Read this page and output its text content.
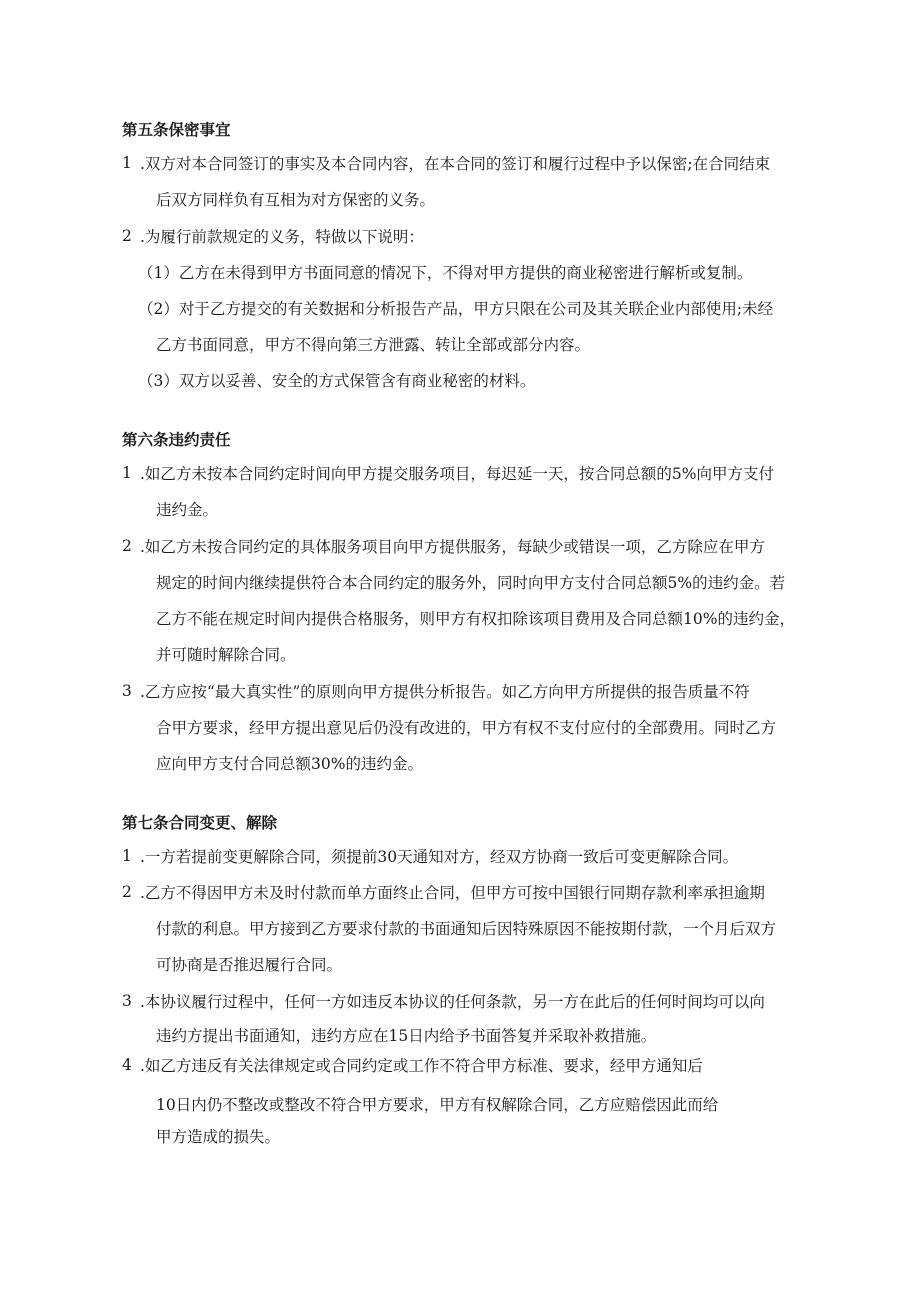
第五条保密事宜
1 .双方对本合同签订的事实及本合同内容，在本合同的签订和履行过程中予以保密;在合同结束
后双方同样负有互相为对方保密的义务。
2 .为履行前款规定的义务，特做以下说明：
（1）乙方在未得到甲方书面同意的情况下，不得对甲方提供的商业秘密进行解析或复制。
（2）对于乙方提交的有关数据和分析报告产品，甲方只限在公司及其关联企业内部使用;未经
乙方书面同意，甲方不得向第三方泄露、转让全部或部分内容。
（3）双方以妥善、安全的方式保管含有商业秘密的材料。
第六条违约责任
1 .如乙方未按本合同约定时间向甲方提交服务项目，每迟延一天，按合同总额的5%向甲方支付
违约金。
2 .如乙方未按合同约定的具体服务项目向甲方提供服务，每缺少或错误一项，乙方除应在甲方
规定的时间内继续提供符合本合同约定的服务外，同时向甲方支付合同总额5%的违约金。若
乙方不能在规定时间内提供合格服务，则甲方有权扣除该项目费用及合同总额10%的违约金，
并可随时解除合同。
3 .乙方应按“最大真实性”的原则向甲方提供分析报告。如乙方向甲方所提供的报告质量不符
合甲方要求，经甲方提出意见后仍没有改进的，甲方有权不支付应付的全部费用。同时乙方
应向甲方支付合同总额30%的违约金。
第七条合同变更、解除
1 .一方若提前变更解除合同，须提前30天通知对方，经双方协商一致后可变更解除合同。
2 .乙方不得因甲方未及时付款而单方面终止合同，但甲方可按中国银行同期存款利率承担逾期
付款的利息。甲方接到乙方要求付款的书面通知后因特殊原因不能按期付款，一个月后双方
可协商是否推迟履行合同。
3 .本协议履行过程中，任何一方如违反本协议的任何条款，另一方在此后的任何时间均可以向
违约方提出书面通知，违约方应在15日内给予书面答复并采取补救措施。
4 .如乙方违反有关法律规定或合同约定或工作不符合甲方标准、要求，经甲方通知后
10日内仍不整改或整改不符合甲方要求，甲方有权解除合同，乙方应赔偿因此而给
甲方造成的损失。
